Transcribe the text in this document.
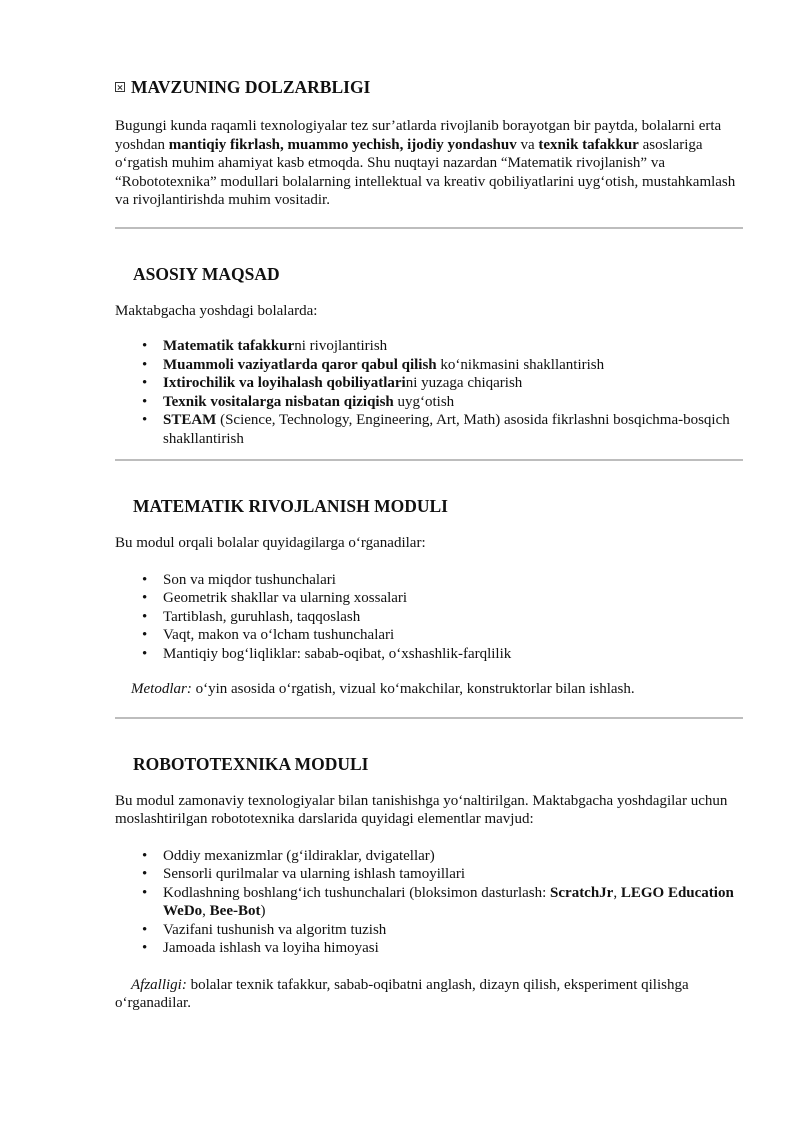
MAVZUNING DOLZARBLIGI

Bugungi kunda raqamli texnologiyalar tez sur’atlarda rivojlanib borayotgan bir paytda, bolalarni erta yoshdan mantiqiy fikrlash, muammo yechish, ijodiy yondashuv va texnik tafakkur asoslariga o‘rgatish muhim ahamiyat kasb etmoqda. Shu nuqtayi nazardan “Matematik rivojlanish” va “Robototexnika” modullari bolalarning intellektual va kreativ qobiliyatlarini uyg‘otish, mustahkamlash va rivojlantirishda muhim vositadir.

ASOSIY MAQSAD

Maktabgacha yoshdagi bolalarda:

• Matematik tafakkurni rivojlantirish
• Muammoli vaziyatlarda qaror qabul qilish ko‘nikmasini shakllantirish
• Ixtirochilik va loyihalash qobiliyatlarini yuzaga chiqarish
• Texnik vositalarga nisbatan qiziqish uyg‘otish
• STEAM (Science, Technology, Engineering, Art, Math) asosida fikrlashni bosqichma-bosqich shakllantirish
MATEMATIK RIVOJLANISH MODULI

Bu modul orqali bolalar quyidagilarga o‘rganadilar:

• Son va miqdor tushunchalari
• Geometrik shakllar va ularning xossalari
• Tartiblash, guruhlash, taqqoslash
• Vaqt, makon va o‘lcham tushunchalari
• Mantiqiy bog‘liqliklar: sabab-oqibat, o‘xshashlik-farqlilik

Metodlar: o‘yin asosida o‘rgatish, vizual ko‘makchilar, konstruktorlar bilan ishlash.

ROBOTOTEXNIKA MODULI

Bu modul zamonaviy texnologiyalar bilan tanishishga yo‘naltirilgan. Maktabgacha yoshdagilar uchun moslashtirilgan robototexnika darslarida quyidagi elementlar mavjud:

• Oddiy mexanizmlar (g‘ildiraklar, dvigatellar)
• Sensorli qurilmalar va ularning ishlash tamoyillari
• Kodlashning boshlang‘ich tushunchalari (bloksimon dasturlash: ScratchJr, LEGO Education WeDo, Bee-Bot)
• Vazifani tushunish va algoritm tuzish
• Jamoada ishlash va loyiha himoyasi

Afzalligi: bolalar texnik tafakkur, sabab-oqibatni anglash, dizayn qilish, eksperiment qilishga o‘rganadilar.
